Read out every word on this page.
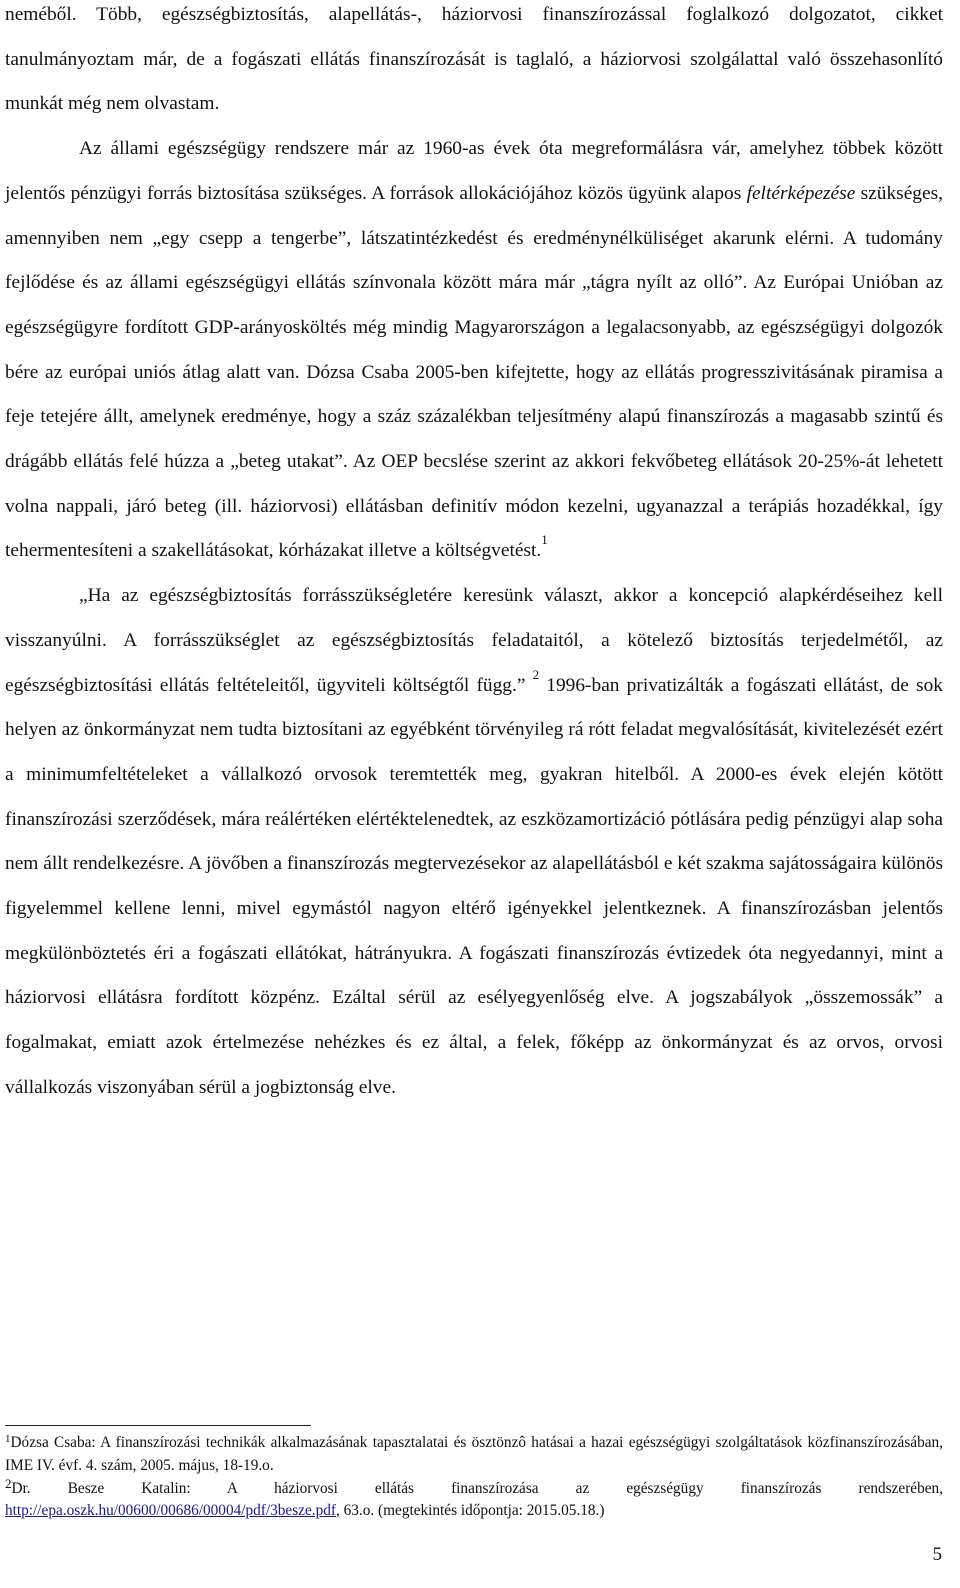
neméből. Több, egészségbiztosítás, alapellátás-, háziorvosi finanszírozással foglalkozó dolgozatot, cikket tanulmányoztam már, de a fogászati ellátás finanszírozását is taglaló, a háziorvosi szolgálattal való összehasonlító munkát még nem olvastam.

Az állami egészségügy rendszere már az 1960-as évek óta megreformálásra vár, amelyhez többek között jelentős pénzügyi forrás biztosítása szükséges. A források allokációjához közös ügyünk alapos feltérképezése szükséges, amennyiben nem „egy csepp a tengerbe”, látszatintézkedést és eredménynélküliséget akarunk elérni. A tudomány fejlődése és az állami egészségügyi ellátás színvonala között mára már „tágra nyílt az olló”. Az Európai Unióban az egészségügyre fordított GDP-arányosköltés még mindig Magyarországon a legalacsonyabb, az egészségügyi dolgozók bére az európai uniós átlag alatt van. Dózsa Csaba 2005-ben kifejtette, hogy az ellátás progresszivitásának piramisa a feje tetejére állt, amelynek eredménye, hogy a száz százalékban teljesítmény alapú finanszírozás a magasabb szintű és drágább ellátás felé húzza a „beteg utakat”. Az OEP becslése szerint az akkori fekvőbeteg ellátások 20-25%-át lehetett volna nappali, járó beteg (ill. háziorvosi) ellátásban definitív módon kezelni, ugyanazzal a terápiás hozadékkal, így tehermentesíteni a szakellátásokat, kórházakat illetve a költségvetést.$^1$

„Ha az egészségbiztosítás forrásszükségletére keresünk választ, akkor a koncepció alapkérdéseihez kell visszanyúlni. A forrásszükséglet az egészségbiztosítás feladataitól, a kötelező biztosítás terjedelmétől, az egészségbiztosítási ellátás feltételeitől, ügyviteli költségtől függ.” $^2$ 1996-ban privatizálták a fogászati ellátást, de sok helyen az önkormányzat nem tudta biztosítani az egyébként törvényileg rá rótt feladat megvalósítását, kivitelezését ezért a minimumfeltételeket a vállalkozó orvosok teremtették meg, gyakran hitelből. A 2000-es évek elején kötött finanszírozási szerződések, mára reálértéken elértéktelenedtek, az eszközamortizáció pótlására pedig pénzügyi alap soha nem állt rendelkezésre. A jövőben a finanszírozás megtervezésekor az alapellátásból e két szakma sajátosságaira különös figyelemmel kellene lenni, mivel egymástól nagyon eltérő igényekkel jelentkeznek. A finanszírozásban jelentős megkülönböztetés éri a fogászati ellátókat, hátrányukra. A fogászati finanszírozás évtizedek óta negyedannyi, mint a háziorvosi ellátásra fordított közpénz. Ezáltal sérül az esélyegyenlőség elve. A jogszabályok „összemossák” a fogalmakat, emiatt azok értelmezése nehézkes és ez által, a felek, főképp az önkormányzat és az orvos, orvosi vállalkozás viszonyában sérül a jogbiztonság elve.

$^1$Dózsa Csaba: A finanszírozási technikák alkalmazásának tapasztalatai és ösztönzô hatásai a hazai egészségügyi szolgáltatások közfinanszírozásában, IME IV. évf. 4. szám, 2005. május, 18-19.o.

$^2$Dr. Besze Katalin: A háziorvosi ellátás finanszírozása az egészségügy finanszírozás rendszerében, http://epa.oszk.hu/00600/00686/00004/pdf/3besze.pdf, 63.o. (megtekintés időpontja: 2015.05.18.)

5
